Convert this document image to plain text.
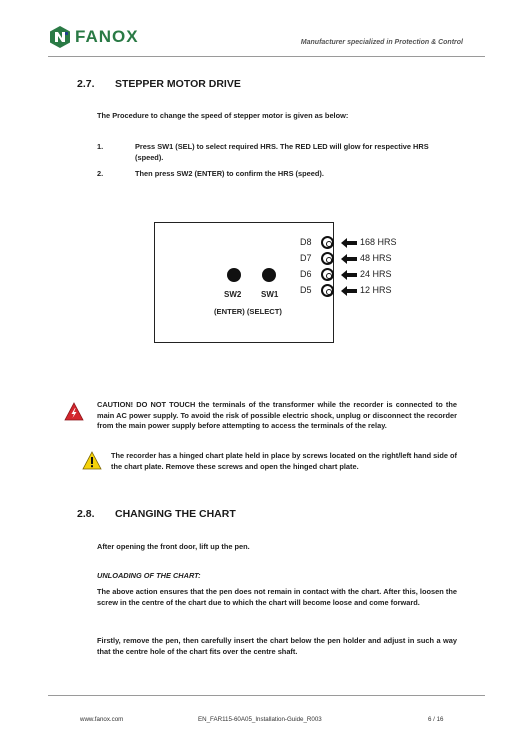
FANOX	Manufacturer specialized in Protection & Control
2.7. STEPPER MOTOR DRIVE
The Procedure to change the speed of stepper motor is given as below:
1.	Press SW1 (SEL) to select required HRS. The RED LED will glow for respective HRS (speed).
2.	Then press SW2 (ENTER) to confirm the HRS (speed).
SW2 SW1
(ENTER) (SELECT)
D8	168 HRS
D7	48 HRS
D6	24 HRS
D5	12 HRS
CAUTION! DO NOT TOUCH the terminals of the transformer while the recorder is connected to the main AC power supply. To avoid the risk of possible electric shock, unplug or disconnect the recorder from the main power supply before attempting to access the terminals of the relay.
The recorder has a hinged chart plate held in place by screws located on the right/left hand side of the chart plate. Remove these screws and open the hinged chart plate.
2.8. CHANGING THE CHART
After opening the front door, lift up the pen.
UNLOADING OF THE CHART:
The above action ensures that the pen does not remain in contact with the chart. After this, loosen the screw in the centre of the chart due to which the chart will become loose and come forward.
Firstly, remove the pen, then carefully insert the chart below the pen holder and adjust in such a way that the centre hole of the chart fits over the centre shaft.
www.fanox.com	EN_FAR115-60A05_Installation-Guide_R003	6 / 16
